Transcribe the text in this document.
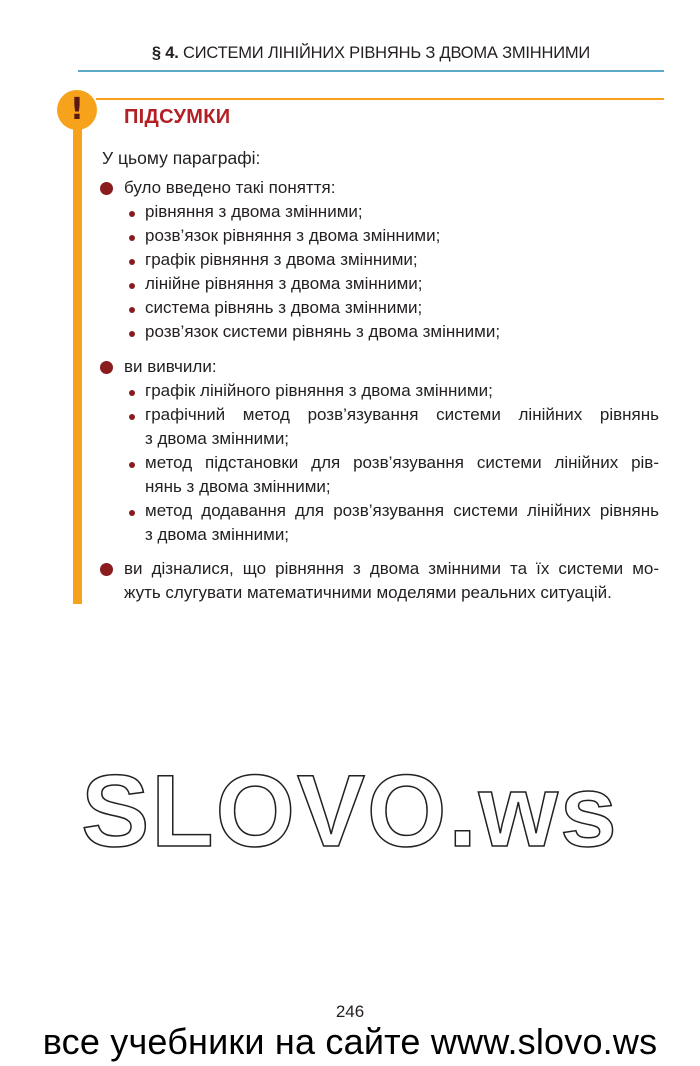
§ 4. СИСТЕМИ ЛІНІЙНИХ РІВНЯНЬ З ДВОМА ЗМІННИМИ
!	ПІДСУМКИ
У цьому параграфі:
було введено такі поняття:
рівняння з двома змінними;
розв’язок рівняння з двома змінними;
графік рівняння з двома змінними;
лінійне рівняння з двома змінними;
система рівнянь з двома змінними;
розв’язок системи рівнянь з двома змінними;
ви вивчили:
графік лінійного рівняння з двома змінними;
графічний метод розв’язування системи лінійних рівнянь
з двома змінними;
метод підстановки для розв’язування системи лінійних рів-
нянь з двома змінними;
метод додавання для розв’язування системи лінійних рівнянь
з двома змінними;
ви дізналися, що рівняння з двома змінними та їх системи мо-
жуть слугувати математичними моделями реальних ситуацій.
SLOVO.ws
246
все учебники на сайте www.slovo.ws
